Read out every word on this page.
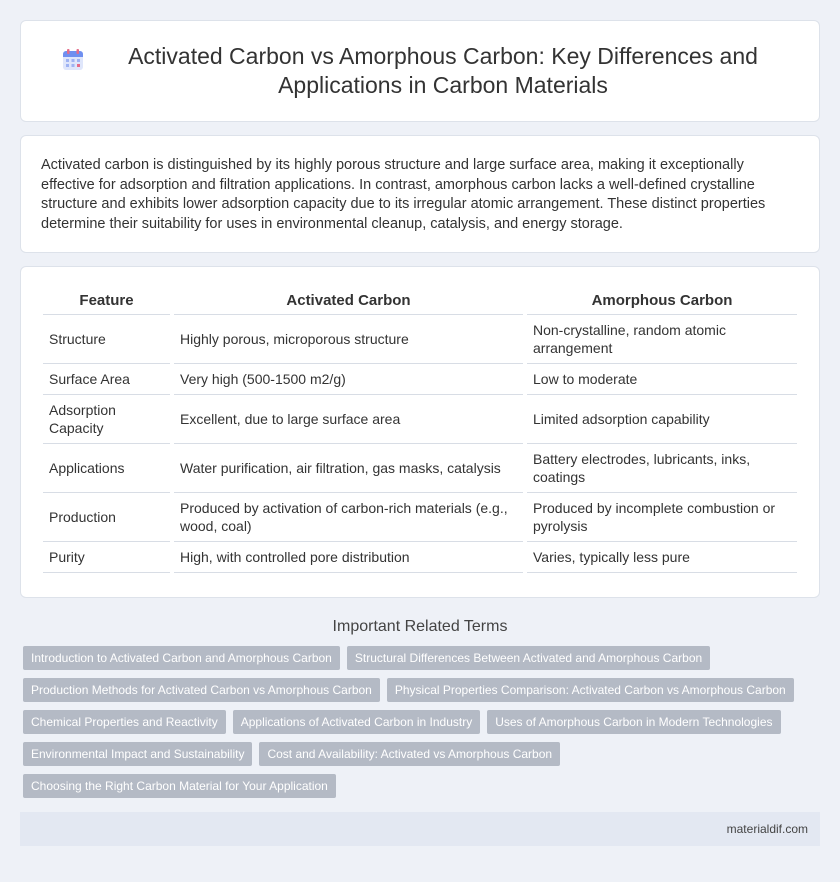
Activated Carbon vs Amorphous Carbon: Key Differences and Applications in Carbon Materials

Activated carbon is distinguished by its highly porous structure and large surface area, making it exceptionally effective for adsorption and filtration applications. In contrast, amorphous carbon lacks a well-defined crystalline structure and exhibits lower adsorption capacity due to its irregular atomic arrangement. These distinct properties determine their suitability for uses in environmental cleanup, catalysis, and energy storage.

Feature	Activated Carbon	Amorphous Carbon
Structure	Highly porous, microporous structure	Non-crystalline, random atomic arrangement
Surface Area	Very high (500-1500 m2/g)	Low to moderate
Adsorption Capacity	Excellent, due to large surface area	Limited adsorption capability
Applications	Water purification, air filtration, gas masks, catalysis	Battery electrodes, lubricants, inks, coatings
Production	Produced by activation of carbon-rich materials (e.g., wood, coal)	Produced by incomplete combustion or pyrolysis
Purity	High, with controlled pore distribution	Varies, typically less pure
Important Related Terms
Introduction to Activated Carbon and Amorphous Carbon	Structural Differences Between Activated and Amorphous Carbon
Production Methods for Activated Carbon vs Amorphous Carbon	Physical Properties Comparison: Activated Carbon vs Amorphous Carbon
Chemical Properties and Reactivity	Applications of Activated Carbon in Industry	Uses of Amorphous Carbon in Modern Technologies
Environmental Impact and Sustainability	Cost and Availability: Activated vs Amorphous Carbon
Choosing the Right Carbon Material for Your Application
materialdif.com
